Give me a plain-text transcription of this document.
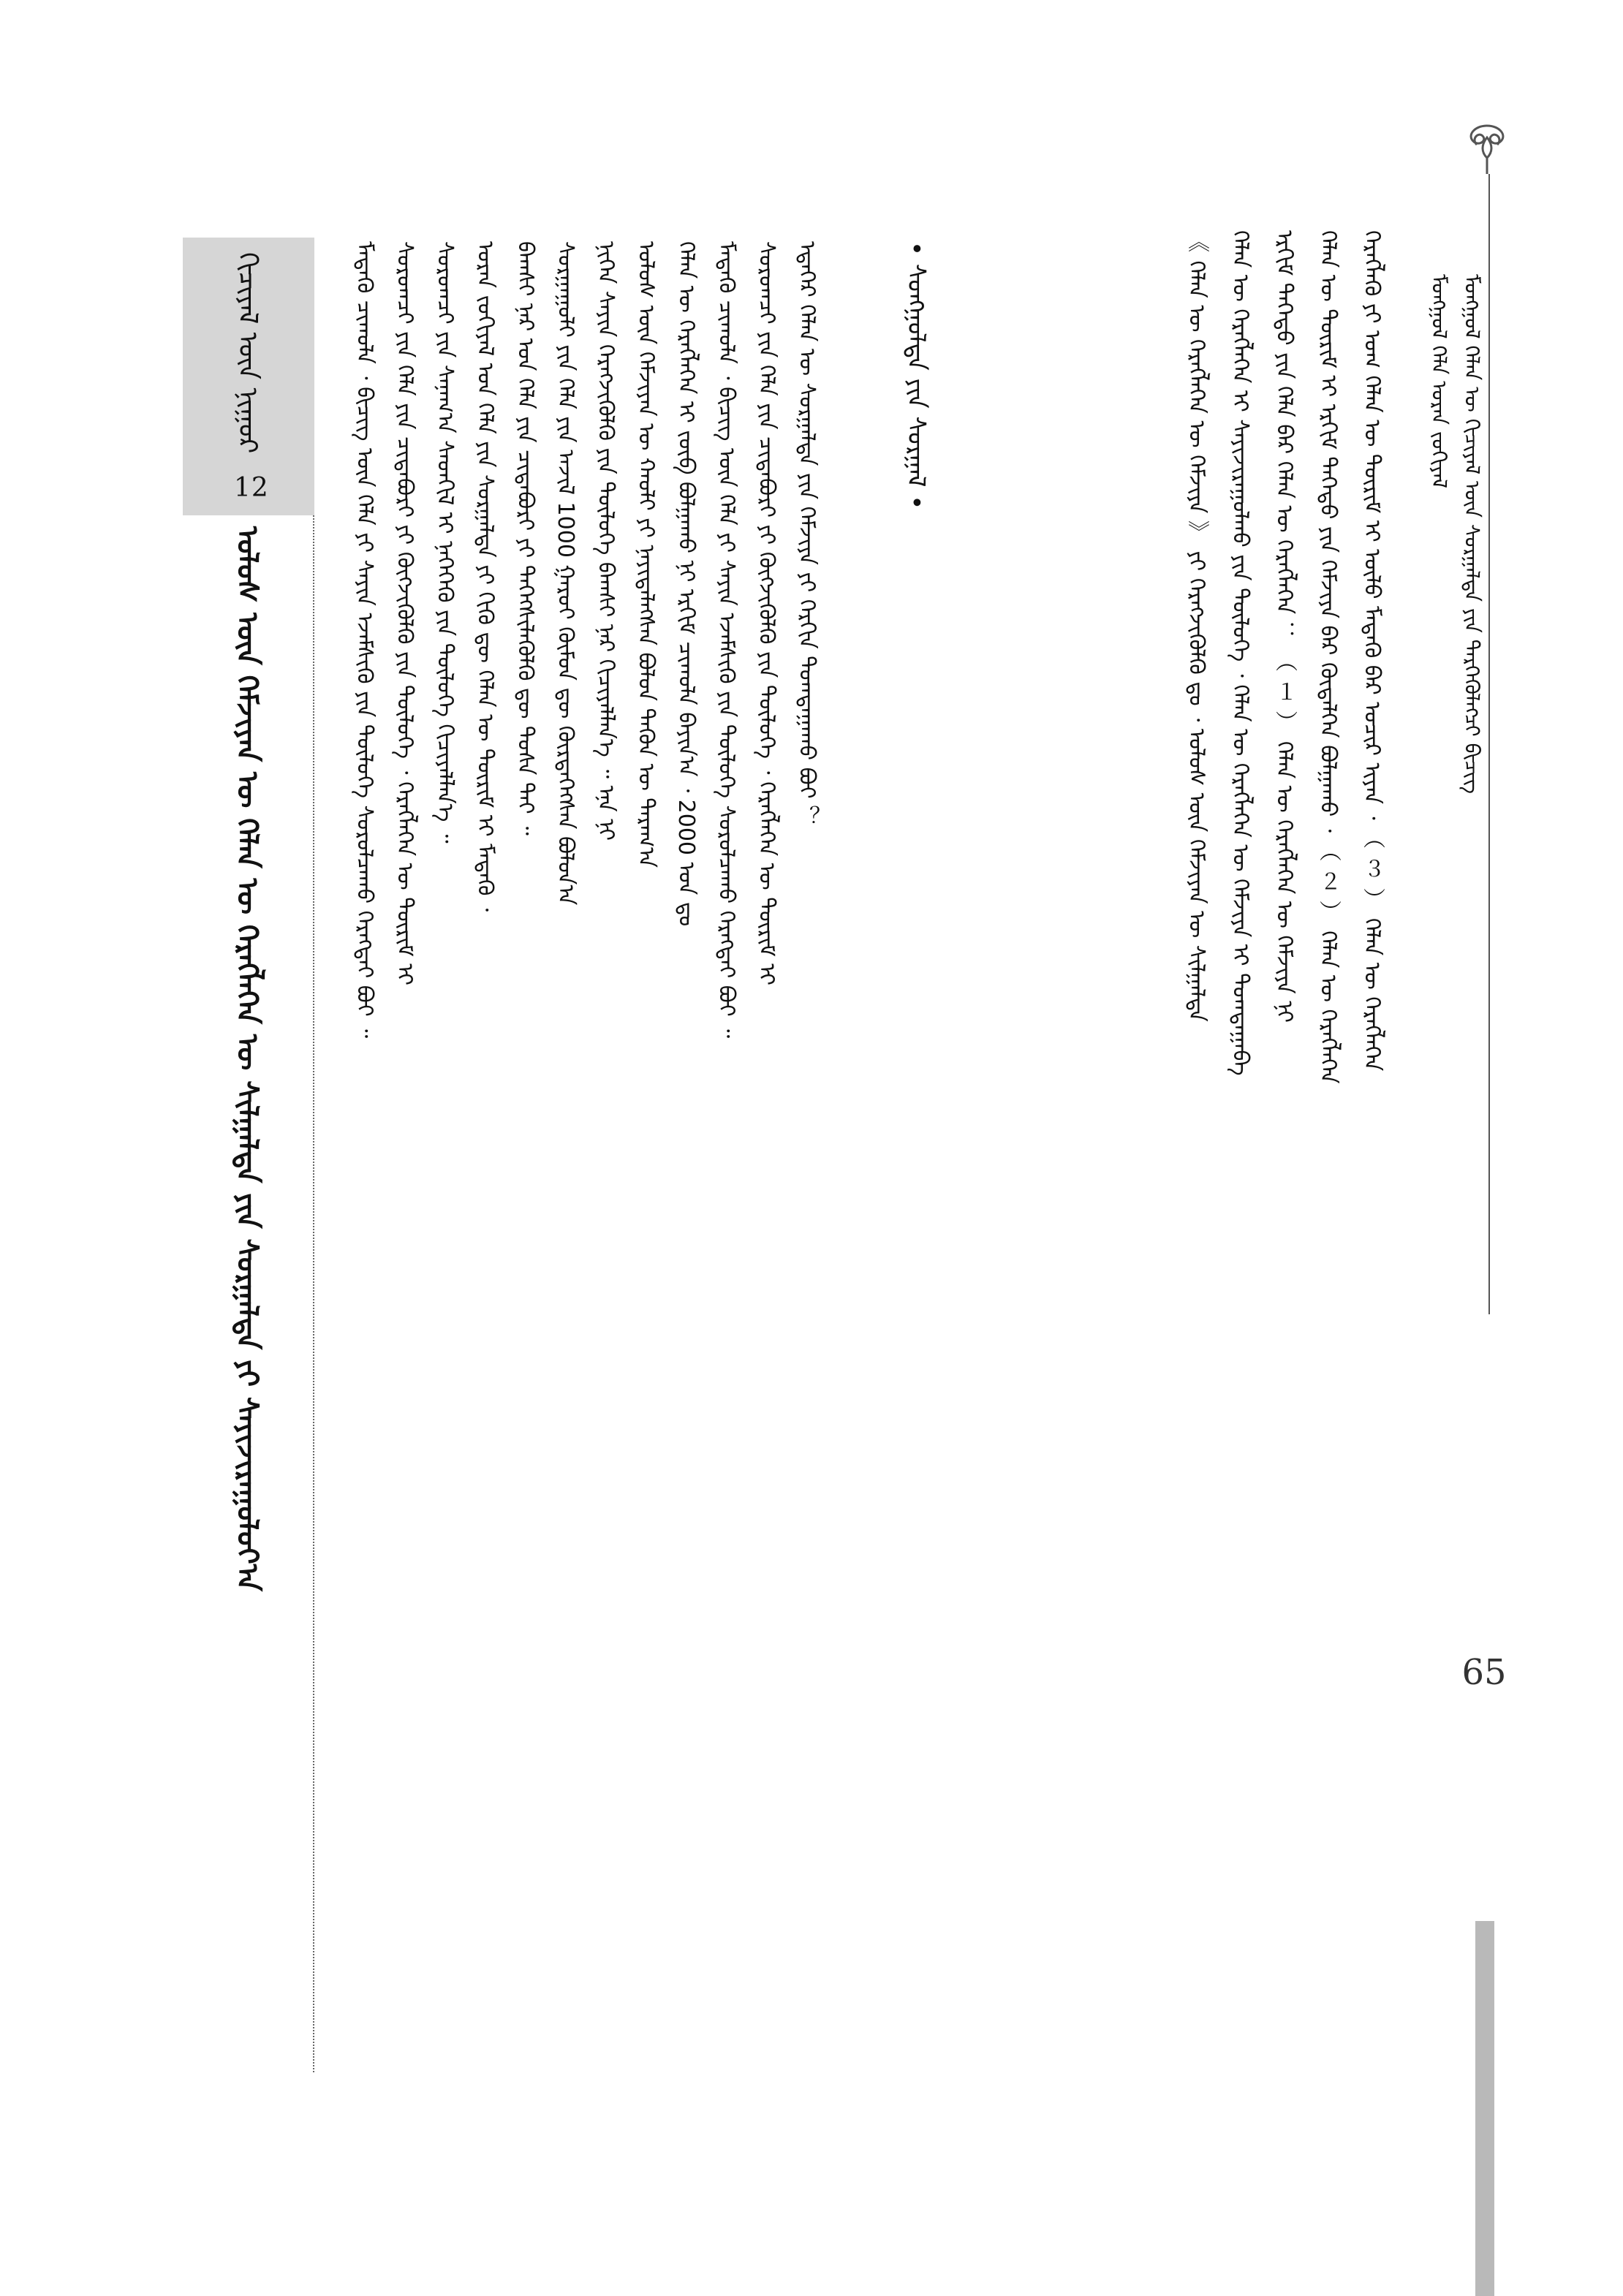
ᠮᠣᠩᠭᠣᠯ ᠬᠡᠯᠡᠨ ᠦ ᠬᠢᠴᠢᠶᠡᠯ ᠦᠨ ᠰᠤᠷᠭᠠᠯᠲᠠ ᠶᠢᠨ ᠲᠡᠷᠭᠡᠭᠦᠯᠡᠭᠴᠢ ᠪᠢᠴᠢᠭ
ᠮᠣᠩᠭᠣᠯ ᠬᠡᠯᠡ ᠤᠷᠠᠨ ᠵᠣᠬᠢᠶᠠᠯ
ᠬᠡᠷᠡᠭᠯᠡᠬᠦ ᠶᠢ ᠤᠭ ᠬᠡᠯᠡᠨ ᠦ ᠳᠦᠷᠢᠮ ᠢ ᠦᠯᠦ ᠮᠡᠳᠡᠬᠦ ᠪᠡᠷ ᠤᠴᠢᠷ ᠢᠶᠠᠨ ᠂ （ ３ ） ᠬᠡᠯᠡᠨ ᠦ ᠬᠡᠷᠡᠭᠯᠡᠭᠡᠨ
ᠬᠡᠯᠡᠨ ᠦ ᠳᠦᠷᠢᠮ ᠢ ᠡᠷᠬᠢᠮ ᠲᠡᠭᠡᠳᠦ ᠶᠢᠨ ᠬᠡᠮᠵᠢᠶᠡ ᠪᠡᠷ ᠬᠦᠳᠡᠯᠭᠡᠨ ᠪᠣᠯᠭᠠᠬᠤ ᠂ （ ２ ） ᠬᠡᠯᠡᠨ ᠦ ᠬᠡᠷᠡᠭᠯᠡᠭᠡᠨ
ᠡᠷᠬᠢᠮ ᠲᠡᠭᠡᠳᠦ ᠶᠢᠨ ᠬᠡᠯᠡ ᠪᠡᠷ ᠬᠡᠯᠡᠨ ᠦ ᠬᠡᠷᠡᠭᠯᠡᠭᠡᠨ ： （ １ ） ᠬᠡᠯᠡᠨ ᠦ ᠬᠡᠷᠡᠭᠯᠡᠭᠡᠨ ᠦ ᠬᠡᠮᠵᠢᠶᠡ ᠨᠢ
ᠬᠡᠯᠡᠨ ᠦ ᠬᠡᠷᠡᠭᠯᠡᠭᠡᠨ ᠢ ᠰᠠᠶᠢᠵᠢᠷᠠᠭᠤᠯᠬᠤ ᠶᠢᠨ ᠲᠥᠯᠦᠭᠡ ᠂ ᠬᠡᠯᠡᠨ ᠦ ᠬᠡᠷᠡᠭᠯᠡᠭᠡᠨ ᠦ ᠬᠡᠮᠵᠢᠶᠡ ᠢ ᠲᠣᠭᠲᠠᠭᠠᠪᠠ
《 ᠬᠡᠯᠡᠨ ᠦ ᠬᠡᠷᠡᠭᠯᠡᠭᠡᠨ ᠦ ᠬᠡᠮᠵᠢᠶᠡ 》 ᠶᠢ ᠬᠡᠷᠡᠭᠵᠢᠭᠦᠯᠬᠦ ᠳᠤ ᠂ ᠤᠯᠤᠰ ᠦᠨ ᠬᠡᠮᠵᠢᠶᠡᠨ ᠦ ᠰᠢᠯᠭᠠᠯᠲᠠ
• ᠰᠣᠩᠭᠣᠯᠲᠠ ᠶᠢᠨ ᠰᠤᠷᠭᠠᠯ •
ᠡᠳᠡᠭᠡᠷ ᠬᠡᠯᠡᠨ ᠦ ᠰᠤᠷᠭᠠᠯᠲᠠ ᠶᠢᠨ ᠬᠡᠮᠵᠢᠶᠡ ᠶᠢ ᠬᠡᠷᠬᠢᠨ ᠲᠣᠭᠲᠠᠭᠠᠬᠤ ᠪᠣᠢ ？
ᠰᠤᠷᠤᠭᠴᠢ ᠶᠢᠨ ᠬᠡᠯᠡ ᠶᠢᠨ ᠴᠢᠳᠠᠪᠤᠷᠢ ᠶᠢ ᠬᠥᠭᠵᠢᠭᠦᠯᠬᠦ ᠶᠢᠨ ᠲᠥᠯᠦᠭᠡ ᠂ ᠬᠡᠷᠡᠭᠯᠡᠭᠡᠨ ᠦ ᠳᠦᠷᠢᠮ ᠢ
ᠮᠡᠳᠡᠬᠦ ᠴᠢᠬᠤᠯᠠ ᠂ ᠪᠢᠴᠢᠭ ᠦᠨ ᠬᠡᠯᠡ ᠶᠢ ᠰᠠᠶᠢᠨ ᠡᠵᠡᠮᠰᠢᠬᠦ ᠶᠢᠨ ᠲᠥᠯᠦᠭᠡ ᠰᠤᠷᠤᠯᠴᠠᠬᠤ ᠬᠡᠷᠡᠭᠲᠡᠢ ᠪᠣᠢ ᠃
ᠬᠡᠯᠡᠨ ᠦ ᠬᠡᠷᠡᠭᠯᠡᠭᠡᠨ ᠢ ᠵᠥᠪ ᠪᠣᠯᠭᠠᠬᠤ ᠨᠢ ᠡᠷᠬᠢᠮ ᠴᠢᠬᠤᠯᠠ ᠪᠠᠶᠢᠨ᠎ᠠ ᠂ 2000 ᠣᠨ ᠳᠤ
ᠤᠯᠤᠰ ᠦᠨ ᠬᠡᠮᠵᠢᠶᠡᠨ ᠦ ᠬᠠᠤᠯᠢ ᠶᠢ ᠨᠡᠶᠢᠲᠡᠯᠡᠭᠰᠡᠨ ᠪᠣᠯᠤᠨ ᠲᠡᠭᠦᠨ ᠦ ᠳᠠᠷᠠᠭ᠎ᠠ
ᠨᠢᠭᠡᠨ ᠰᠠᠶᠢᠨ ᠬᠡᠷᠡᠭᠵᠢᠭᠦᠯᠬᠦ ᠶᠢᠨ ᠲᠥᠯᠦᠭᠡ ᠪᠠᠭᠰᠢ ᠨᠠᠷ ᠬᠢᠴᠢᠶᠡᠯᠯᠡᠨ᠎ᠡ ᠃ ᠡᠨᠡ ᠨᠢ
ᠰᠤᠷᠭᠠᠭᠤᠯᠢ ᠶᠢᠨ ᠬᠡᠯᠡ ᠶᠢᠨ ᠠᠵᠢᠯ 1000 ᠭᠠᠷᠤᠢ ᠬᠦᠮᠦᠨ ᠳᠦ ᠬᠦᠷᠲᠡᠭᠡᠭᠰᠡᠨ ᠪᠣᠯᠤᠨ᠎ᠠ
ᠪᠠᠭᠰᠢ ᠨᠠᠷ ᠤᠨ ᠬᠡᠯᠡ ᠶᠢᠨ ᠴᠢᠳᠠᠪᠤᠷᠢ ᠶᠢ ᠳᠡᠭᠡᠭᠰᠢᠯᠡᠭᠦᠯᠬᠦ ᠳᠦ ᠲᠤᠰᠠ ᠲᠠᠢ ᠃
ᠤᠷᠠᠨ ᠵᠣᠬᠢᠶᠠᠯ ᠤᠨ ᠬᠡᠯᠡ ᠶᠢᠨ ᠰᠤᠷᠭᠠᠯᠲᠠ ᠶᠢ ᠬᠢᠬᠦ ᠳᠦ ᠬᠡᠯᠡᠨ ᠦ ᠳᠦᠷᠢᠮ ᠢ ᠮᠡᠳᠡᠬᠦ ᠂
ᠰᠤᠷᠤᠭᠴᠢ ᠶᠢᠨ ᠰᠠᠨᠠᠭ᠎ᠠ ᠰᠡᠳᠬᠢᠯ ᠢ ᠨᠡᠭᠡᠭᠡᠬᠦ ᠶᠢᠨ ᠲᠥᠯᠦᠭᠡ ᠬᠢᠴᠢᠶᠡᠯᠯᠡᠨ᠎ᠡ ᠃
ᠰᠤᠷᠤᠭᠴᠢ ᠶᠢᠨ ᠬᠡᠯᠡ ᠶᠢᠨ ᠴᠢᠳᠠᠪᠤᠷᠢ ᠶᠢ ᠬᠥᠭᠵᠢᠭᠦᠯᠬᠦ ᠶᠢᠨ ᠲᠥᠯᠦᠭᠡ ᠂ ᠬᠡᠷᠡᠭᠯᠡᠭᠡᠨ ᠦ ᠳᠦᠷᠢᠮ ᠢ
ᠮᠡᠳᠡᠬᠦ ᠴᠢᠬᠤᠯᠠ ᠂ ᠪᠢᠴᠢᠭ ᠦᠨ ᠬᠡᠯᠡ ᠶᠢ ᠰᠠᠶᠢᠨ ᠡᠵᠡᠮᠰᠢᠬᠦ ᠶᠢᠨ ᠲᠥᠯᠦᠭᠡ ᠰᠤᠷᠤᠯᠴᠠᠬᠤ ᠬᠡᠷᠡᠭᠲᠡᠢ ᠪᠣᠢ ᠃
ᠬᠢᠴᠢᠶᠡᠯ ᠦᠨ ᠨᠢᠭᠤᠷ
12
ᠤᠯᠤᠰ ᠦᠨ ᠬᠡᠮᠵᠢᠶᠡᠨ ᠦ ᠬᠡᠯᠡᠨ ᠦ ᠬᠡᠷᠡᠭᠯᠡᠭᠡᠨ ᠦ ᠰᠢᠯᠭᠠᠯᠲᠠ ᠶᠢᠨ ᠰᠤᠷᠭᠠᠯᠲᠠ ᠶᠢ ᠰᠠᠶᠢᠵᠢᠷᠠᠭᠤᠯᠤᠶ᠎ᠠ
65
